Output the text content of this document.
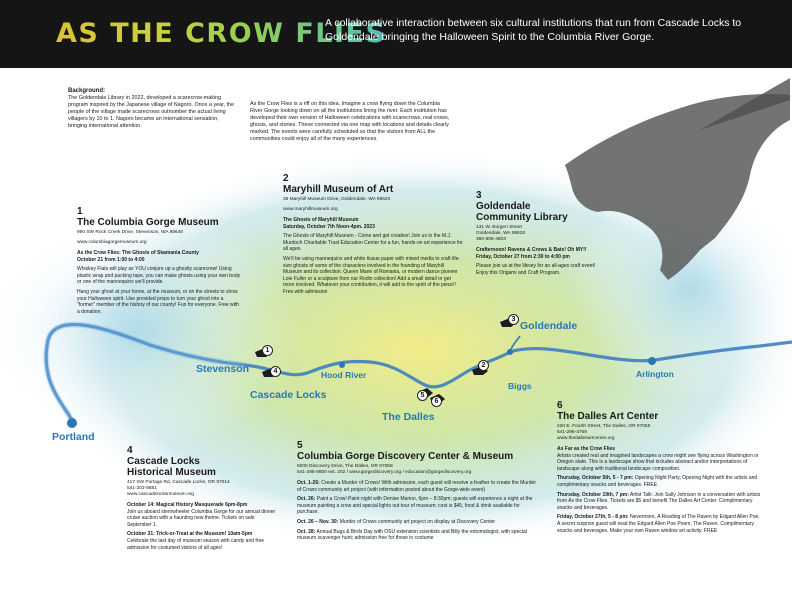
AS THE CROW FLIES
A collaborative interaction between six cultural institutions that run from Cascade Locks to Goldendale bringing the Halloween Spirit to the Columbia River Gorge.
1
4
2
5
6
3
Portland
Stevenson
Cascade Locks
Hood River
The Dalles
Biggs
Goldendale
Arlington
Background:
The Goldendale Library in 2022, developed a scarecrow-making program inspired by the Japanese village of Nagoro. Once a year, the people of the village made scarecrows outnumber the actual living villagers by 10 to 1. Nagoro became an international sensation, bringing international attention.
As the Crow Flies is a riff on this idea. Imagine a crow flying down the Columbia River Gorge looking down on all the institutions lining the river. Each institution has developed their own version of Halloween celebrations with scarecrows, real crows, ghosts, and stories. These connected via one map with locations and details clearly marked. The events were carefully scheduled so that the visitors from ALL the communities could enjoy all of the many experiences.
1
The Columbia Gorge Museum
990 SW Rock Creek Drive, Stevenson, WA 98648
www.columbiagorgemuseum.org
As the Crow Flies: The Ghosts of Skamania County

October 21 from 1:00 to 4:00

Whiskey Flats will play as YOU conjure up a ghostly scarecrow! Using plastic wrap and packing tape, you can make ghosts using your own body or one of the mannequins we'll provide.

Hang your ghost at your home, at the museum, or on the streets to show your Halloween spirit. Use provided props to turn your ghost into a "former" member of the history of our county! Fun for everyone. Free with a donation.

2
Maryhill Museum of Art
35 Maryhill Museum Drive, Goldendale, WA 98620
www.maryhillmuseum.org
The Ghosts of Maryhill Museum

Saturday, October 7th Noon-4pm. 2023

The Ghosts of Maryhill Museum - Come and get creative! Join us in the M.J. Murdoch Charitable Trust Education Center for a fun, hands-on art experience for all ages.

We'll be using mannequins and white tissue paper with mixed media to craft life-size ghosts of some of the characters involved in the founding of Maryhill Museum and its collection. Queen Marie of Romania, or modern dance pioneer Loie Fuller or a sculpture from our Rodin collection! Add a small detail or get more involved. Whatever your contribution, it will add to the spirit of the piece!! Free with admission

3
Goldendale
Community Library
131 W. Burgen Street
Goldendale, WA 98620
360-906-4803
Crafternoon! Ravens & Crows & Bats! Oh MY!!

Friday, October 27 from 2:30 to 4:00 pm

Please join us at the library for an all-ages craft event! Enjoy this Origami and Craft Program.

4
Cascade Locks
Historical Museum
417 SW Portage Rd, Cascade Locks, OR 97014
541-203-8881
www.cascadelocksmuseum.org
October 14: Magical History Masquerade 6pm-8pm

Join us aboard sternwheeler Columbia Gorge for our annual dinner cruise auction with a haunting new theme. Tickets on sale September 1.

October 31: Trick-or-Treat at the Museum! 10am-5pm

Celebrate the last day of museum season with candy and free admission for costumed visitors of all ages!

5
Columbia Gorge Discovery Center & Museum
5000 Discovery Drive, The Dalles, OR 97058
541-296-8600 ext. 202 / www.gorgediscovery.org / education@gorgediscovery.org

Oct. 1-26: Create a Murder of Crows! With admission, each guest will receive a feather to create the Murder of Crows community art project (with information posted about the Gorge-wide event)

Oct. 26: Paint a Crow! Paint night with Denise Marion, 6pm – 8:30pm; guests will experience a night at the museum painting a crow and special lights out tour of museum; cost is $45, food & drink available for purchase.

Oct. 26 – Nov. 30: Murder of Crows community art project on display at Discovery Center

Oct. 28: Annual Bugs & Birds Day with OSU extension scientists and Billy the entomologist, with special museum scavenger hunt; admission free for those in costume

6
The Dalles Art Center
220 E. Fourth Street, The Dalles, OR 97058
541-296-4759
www.thedallesartcenter.org
As Far as the Crow Flies

Artists created real and imagined landscapes a crow might see flying across Washington or Oregon state. This is a landscape show that includes abstract and/or interpretations of landscape along with traditional landscape composition.

Thursday, October 5th, 5 - 7 pm: Opening Night Party, Opening Night with the artists and complimentary snacks and beverages. FREE

Thursday, October 19th, 7 pm: Artist Talk: Join Sally Johnson in a conversation with artists from As the Crow Flies. Tickets are $5 and benefit The Dalles Art Center. Complimentary snacks and beverages.

Friday, October 27th, 5 - 8 pm: Nevermore, A Reading of The Raven by Edgard Allen Poe, A secret surprise guest will read the Edgard Allen Poe Poem, The Raven. Complimentary snacks and beverages. Make your own Raven window art activity. FREE
